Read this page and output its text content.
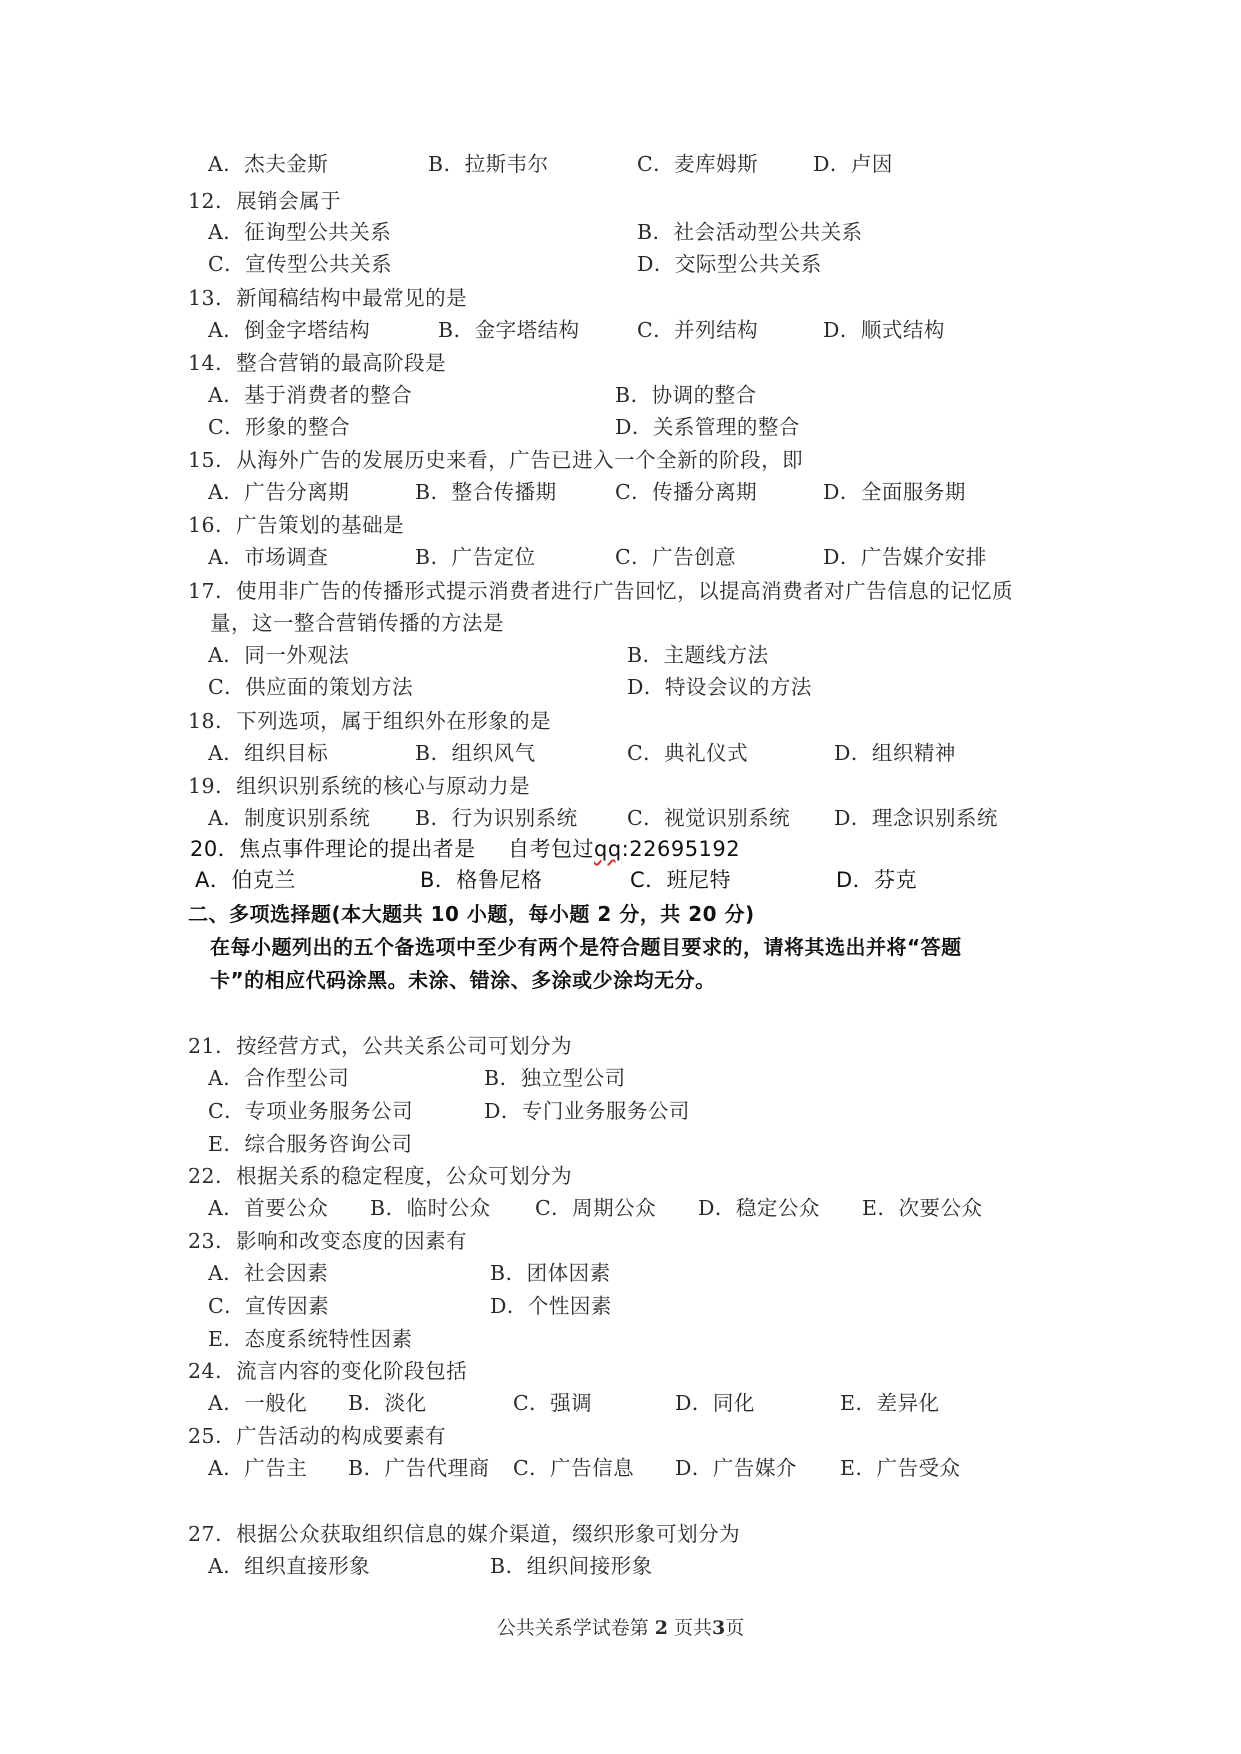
A．杰夫金斯	B．拉斯韦尔	C．麦库姆斯	D．卢因
12．展销会属于
A．征询型公共关系	B．社会活动型公共关系
C．宣传型公共关系	D．交际型公共关系
13．新闻稿结构中最常见的是
A．倒金字塔结构	B．金字塔结构	C．并列结构	D．顺式结构
14．整合营销的最高阶段是
A．基于消费者的整合	B．协调的整合
C．形象的整合	D．关系管理的整合
15．从海外广告的发展历史来看，广告已进入一个全新的阶段，即
A．广告分离期	B．整合传播期	C．传播分离期	D．全面服务期
16．广告策划的基础是
A．市场调查	B．广告定位	C．广告创意	D．广告媒介安排
17．使用非广告的传播形式提示消费者进行广告回忆，以提高消费者对广告信息的记忆质
量，这一整合营销传播的方法是
A．同一外观法	B．主题线方法
C．供应面的策划方法	D．特设会议的方法
18．下列选项，属于组织外在形象的是
A．组织目标	B．组织风气	C．典礼仪式	D．组织精神
19．组织识别系统的核心与原动力是
A．制度识别系统 B．行为识别系统 C．视觉识别系统 D．理念识别系统
20．焦点事件理论的提出者是 自考包过qq:22695192
A．伯克兰	B．格鲁尼格	C．班尼特	D．芬克
二、多项选择题(本大题共 10 小题，每小题 2 分，共 20 分)
在每小题列出的五个备选项中至少有两个是符合题目要求的，请将其选出并将“答题
卡”的相应代码涂黑。未涂、错涂、多涂或少涂均无分。
21．按经营方式，公共关系公司可划分为
A．合作型公司	B．独立型公司
C．专项业务服务公司	D．专门业务服务公司
E．综合服务咨询公司
22．根据关系的稳定程度，公众可划分为
A．首要公众 B．临时公众 C．周期公众 D．稳定公众 E．次要公众
23．影响和改变态度的因素有
A．社会因素	B．团体因素
C．宣传因素	D．个性因素
E．态度系统特性因素
24．流言内容的变化阶段包括
A．一般化 B．淡化	C．强调	D．同化	E．差异化
25．广告活动的构成要素有
A．广告主 B．广告代理商 C．广告信息 D．广告媒介 E．广告受众
27．根据公众获取组织信息的媒介渠道，缀织形象可划分为
A．组织直接形象	B．组织间接形象
公共关系学试卷第 2 页共3页
